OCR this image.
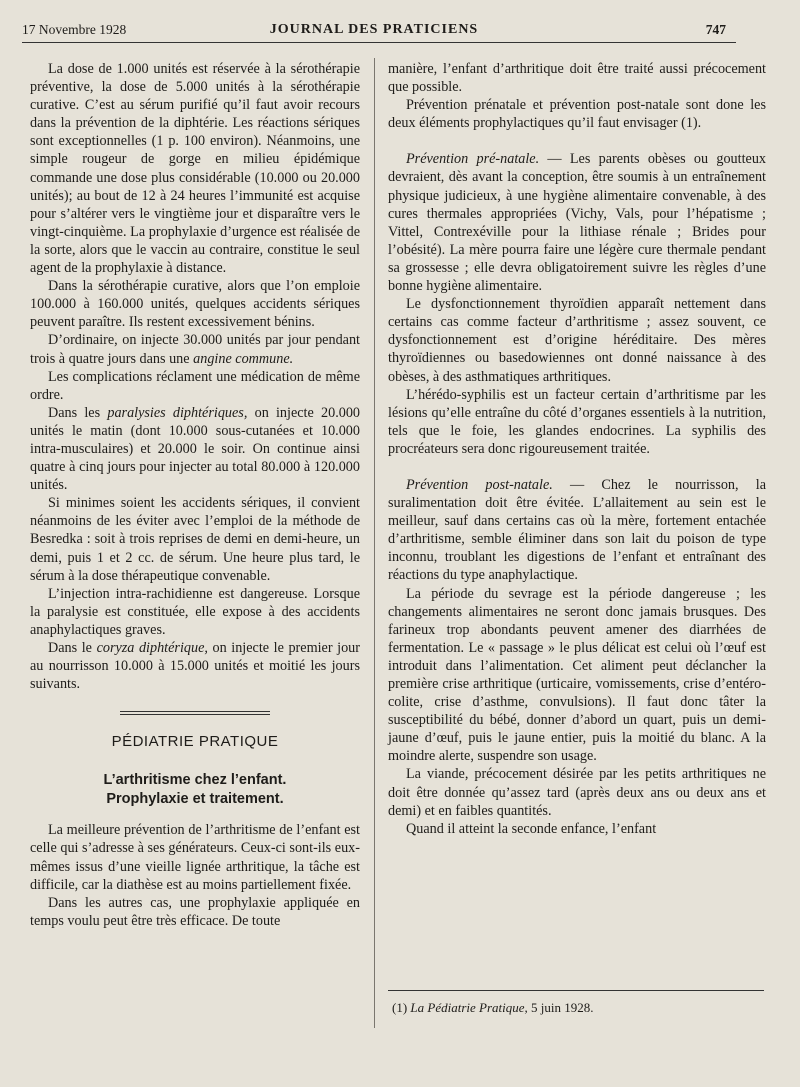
17 Novembre 1928	JOURNAL DES PRATICIENS	747

La dose de 1.000 unités est réservée à la sérothérapie préventive, la dose de 5.000 unités à la sérothérapie curative. C’est au sérum purifié qu’il faut avoir recours dans la prévention de la diphtérie. Les réactions sériques sont exceptionnelles (1 p. 100 environ). Néanmoins, une simple rougeur de gorge en milieu épidémique commande une dose plus considérable (10.000 ou 20.000 unités); au bout de 12 à 24 heures l’immunité est acquise pour s’altérer vers le vingtième jour et disparaître vers le vingt-cinquième. La prophylaxie d’urgence est réalisée de la sorte, alors que le vaccin au contraire, constitue le seul agent de la prophylaxie à distance.

Dans la sérothérapie curative, alors que l’on emploie 100.000 à 160.000 unités, quelques accidents sériques peuvent paraître. Ils restent excessivement bénins.

D’ordinaire, on injecte 30.000 unités par jour pendant trois à quatre jours dans une angine commune.

Les complications réclament une médication de même ordre.

Dans les paralysies diphtériques, on injecte 20.000 unités le matin (dont 10.000 sous-cutanées et 10.000 intra-musculaires) et 20.000 le soir. On continue ainsi quatre à cinq jours pour injecter au total 80.000 à 120.000 unités.

Si minimes soient les accidents sériques, il convient néanmoins de les éviter avec l’emploi de la méthode de Besredka : soit à trois reprises de demi en demi-heure, un demi, puis 1 et 2 cc. de sérum. Une heure plus tard, le sérum à la dose thérapeutique convenable.

L’injection intra-rachidienne est dangereuse. Lorsque la paralysie est constituée, elle expose à des accidents anaphylactiques graves.

Dans le coryza diphtérique, on injecte le premier jour au nourrisson 10.000 à 15.000 unités et moitié les jours suivants.

PÉDIATRIE PRATIQUE
L’arthritisme chez l’enfant.
Prophylaxie et traitement.

La meilleure prévention de l’arthritisme de l’enfant est celle qui s’adresse à ses générateurs. Ceux-ci sont-ils eux-mêmes issus d’une vieille lignée arthritique, la tâche est difficile, car la diathèse est au moins partiellement fixée.

Dans les autres cas, une prophylaxie appliquée en temps voulu peut être très efficace. De toute

manière, l’enfant d’arthritique doit être traité aussi précocement que possible.

Prévention prénatale et prévention post-natale sont done les deux éléments prophylactiques qu’il faut envisager (1).

Prévention pré-natale. — Les parents obèses ou goutteux devraient, dès avant la conception, être soumis à un entraînement physique judicieux, à une hygiène alimentaire convenable, à des cures thermales appropriées (Vichy, Vals, pour l’hépatisme ; Vittel, Contrexéville pour la lithiase rénale ; Brides pour l’obésité). La mère pourra faire une légère cure thermale pendant sa grossesse ; elle devra obligatoirement suivre les règles d’une bonne hygiène alimentaire.

Le dysfonctionnement thyroïdien apparaît nettement dans certains cas comme facteur d’arthritisme ; assez souvent, ce dysfonctionnement est d’origine héréditaire. Des mères thyroïdiennes ou basedowiennes ont donné naissance à des obèses, à des asthmatiques arthritiques.

L’hérédo-syphilis est un facteur certain d’arthritisme par les lésions qu’elle entraîne du côté d’organes essentiels à la nutrition, tels que le foie, les glandes endocrines. La syphilis des procréateurs sera donc rigoureusement traitée.

Prévention post-natale. — Chez le nourrisson, la suralimentation doit être évitée. L’allaitement au sein est le meilleur, sauf dans certains cas où la mère, fortement entachée d’arthritisme, semble éliminer dans son lait du poison de type inconnu, troublant les digestions de l’enfant et entraînant des réactions du type anaphylactique.

La période du sevrage est la période dangereuse ; les changements alimentaires ne seront donc jamais brusques. Des farineux trop abondants peuvent amener des diarrhées de fermentation. Le « passage » le plus délicat est celui où l’œuf est introduit dans l’alimentation. Cet aliment peut déclancher la première crise arthritique (urticaire, vomissements, crise d’entéro-colite, crise d’asthme, convulsions). Il faut donc tâter la susceptibilité du bébé, donner d’abord un quart, puis un demi-jaune d’œuf, puis le jaune entier, puis la moitié du blanc. A la moindre alerte, suspendre son usage.

La viande, précocement désirée par les petits arthritiques ne doit être donnée qu’assez tard (après deux ans ou deux ans et demi) et en faibles quantités.

Quand il atteint la seconde enfance, l’enfant

(1) La Pédiatrie Pratique, 5 juin 1928.
